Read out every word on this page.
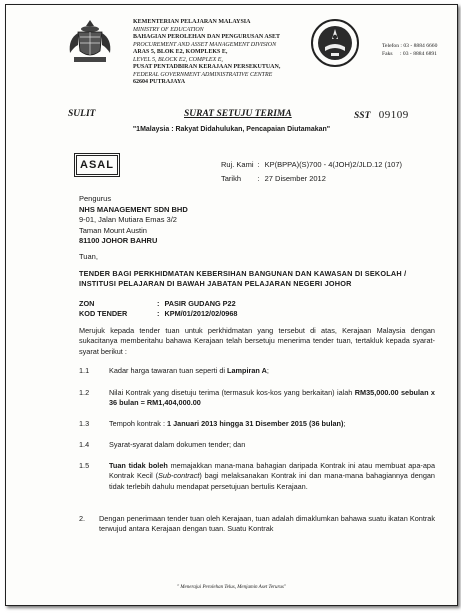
KEMENTERIAN PELAJARAN MALAYSIA
MINISTRY OF EDUCATION
BAHAGIAN PEROLEHAN DAN PENGURUSAN ASET
PROCUREMENT AND ASSET MANAGEMENT DIVISION
ARAS 5, BLOK E2, KOMPLEKS E,
LEVEL 5, BLOCK E2, COMPLEX E,
PUSAT PENTADBIRAN KERAJAAN PERSEKUTUAN,
FEDERAL GOVERNMENT ADMINISTRATIVE CENTRE
62604 PUTRAJAYA
Telefon : 03 - 8884 6660
Faks : 03 - 8884 6891
SULIT	SURAT SETUJU TERIMA	SST 09109
"1Malaysia : Rakyat Didahulukan, Pencapaian Diutamakan"
ASAL	Ruj. Kami	:	KP(BPPA)(S)700 - 4(JOH)2/JLD.12 (107)
Tarikh	:	27 Disember 2012
Pengurus
NHS MANAGEMENT SDN BHD
9-01, Jalan Mutiara Emas 3/2
Taman Mount Austin
81100 JOHOR BAHRU
Tuan,
TENDER BAGI PERKHIDMATAN KEBERSIHAN BANGUNAN DAN KAWASAN DI SEKOLAH / INSTITUSI PELAJARAN DI BAWAH JABATAN PELAJARAN NEGERI JOHOR
ZON	:	PASIR GUDANG P22
KOD TENDER	:	KPM/01/2012/02/0968
Merujuk kepada tender tuan untuk perkhidmatan yang tersebut di atas, Kerajaan Malaysia dengan sukacitanya memberitahu bahawa Kerajaan telah bersetuju menerima tender tuan, tertakluk kepada syarat-syarat berikut :
1.1	Kadar harga tawaran tuan seperti di Lampiran A;
1.2	Nilai Kontrak yang disetuju terima (termasuk kos-kos yang berkaitan) ialah RM35,000.00 sebulan x 36 bulan = RM1,404,000.00
1.3	Tempoh kontrak : 1 Januari 2013 hingga 31 Disember 2015 (36 bulan);
1.4	Syarat-syarat dalam dokumen tender; dan
1.5	Tuan tidak boleh memajakkan mana-mana bahagian daripada Kontrak ini atau membuat apa-apa Kontrak Kecil (Sub-contract) bagi melaksanakan Kontrak ini dan mana-mana bahagiannya dengan tidak terlebih dahulu mendapat persetujuan bertulis Kerajaan.
2. Dengan penerimaan tender tuan oleh Kerajaan, tuan adalah dimaklumkan bahawa suatu ikatan Kontrak terwujud antara Kerajaan dengan tuan. Suatu Kontrak
" Menerajui Perolehan Telus, Menjamin Aset Terurus"
